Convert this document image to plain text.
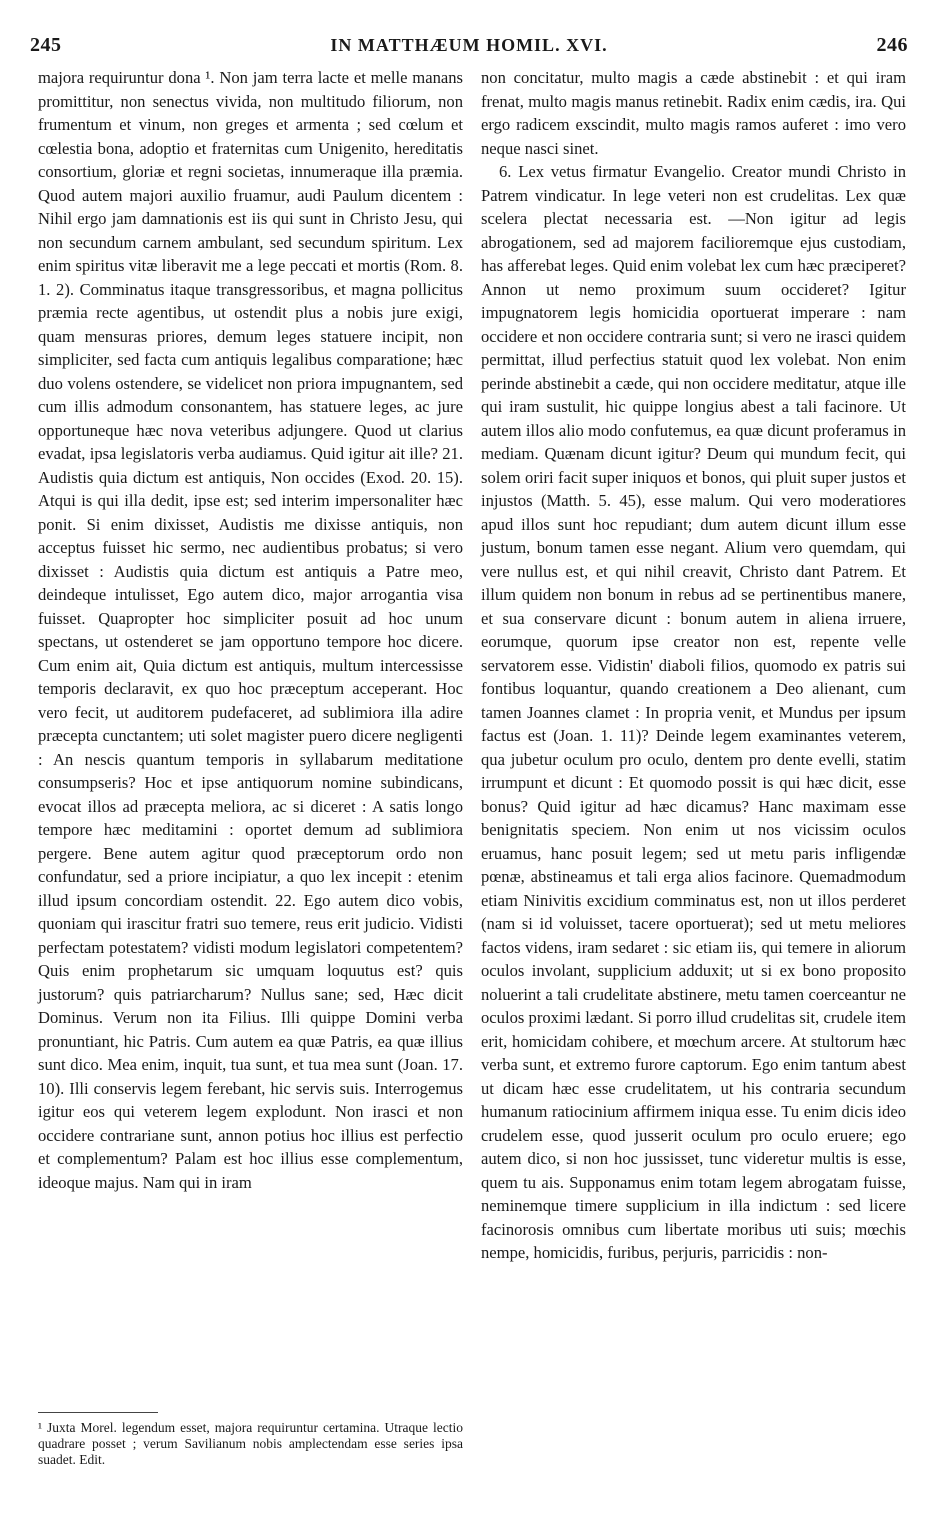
245	IN MATTHÆUM HOMIL. XVI.	246

majora requiruntur dona ¹. Non jam terra lacte et melle manans promittitur, non senectus vivida, non multitudo filiorum, non frumentum et vinum, non greges et armenta ; sed cœlum et cœlestia bona, adoptio et fraternitas cum Unigenito, hereditatis consortium, gloriæ et regni societas, innumeraque illa præmia. Quod autem majori auxilio fruamur, audi Paulum dicentem : Nihil ergo jam damnationis est iis qui sunt in Christo Jesu, qui non secundum carnem ambulant, sed secundum spiritum. Lex enim spiritus vitæ liberavit me a lege peccati et mortis (Rom. 8. 1. 2). Comminatus itaque transgressoribus, et magna pollicitus præmia recte agentibus, ut ostendit plus a nobis jure exigi, quam mensuras priores, demum leges statuere incipit, non simpliciter, sed facta cum antiquis legalibus comparatione; hæc duo volens ostendere, se videlicet non priora impugnantem, sed cum illis admodum consonantem, has statuere leges, ac jure opportuneque hæc nova veteribus adjungere. Quod ut clarius evadat, ipsa legislatoris verba audiamus. Quid igitur ait ille? 21. Audistis quia dictum est antiquis, Non occides (Exod. 20. 15). Atqui is qui illa dedit, ipse est; sed interim impersonaliter hæc ponit. Si enim dixisset, Audistis me dixisse antiquis, non acceptus fuisset hic sermo, nec audientibus probatus; si vero dixisset : Audistis quia dictum est antiquis a Patre meo, deindeque intulisset, Ego autem dico, major arrogantia visa fuisset. Quapropter hoc simpliciter posuit ad hoc unum spectans, ut ostenderet se jam opportuno tempore hoc dicere. Cum enim ait, Quia dictum est antiquis, multum intercessisse temporis declaravit, ex quo hoc præceptum acceperant. Hoc vero fecit, ut auditorem pudefaceret, ad sublimiora illa adire præcepta cunctantem; uti solet magister puero dicere negligenti : An nescis quantum temporis in syllabarum meditatione consumpseris? Hoc et ipse antiquorum nomine subindicans, evocat illos ad præcepta meliora, ac si diceret : A satis longo tempore hæc meditamini : oportet demum ad sublimiora pergere. Bene autem agitur quod præceptorum ordo non confundatur, sed a priore incipiatur, a quo lex incepit : etenim illud ipsum concordiam ostendit. 22. Ego autem dico vobis, quoniam qui irascitur fratri suo temere, reus erit judicio. Vidisti perfectam potestatem? vidisti modum legislatori competentem? Quis enim prophetarum sic umquam loquutus est? quis justorum? quis patriarcharum? Nullus sane; sed, Hæc dicit Dominus. Verum non ita Filius. Illi quippe Domini verba pronuntiant, hic Patris. Cum autem ea quæ Patris, ea quæ illius sunt dico. Mea enim, inquit, tua sunt, et tua mea sunt (Joan. 17. 10). Illi conservis legem ferebant, hic servis suis. Interrogemus igitur eos qui veterem legem explodunt. Non irasci et non occidere contrariane sunt, annon potius hoc illius est perfectio et complementum? Palam est hoc illius esse complementum, ideoque majus. Nam qui in iram

non concitatur, multo magis a cæde abstinebit : et qui iram frenat, multo magis manus retinebit. Radix enim cædis, ira. Qui ergo radicem exscindit, multo magis ramos auferet : imo vero neque nasci sinet.

6. Lex vetus firmatur Evangelio. Creator mundi Christo in Patrem vindicatur. In lege veteri non est crudelitas. Lex quæ scelera plectat necessaria est. —Non igitur ad legis abrogationem, sed ad majorem facilioremque ejus custodiam, has afferebat leges. Quid enim volebat lex cum hæc præciperet? Annon ut nemo proximum suum occideret? Igitur impugnatorem legis homicidia oportuerat imperare : nam occidere et non occidere contraria sunt; si vero ne irasci quidem permittat, illud perfectius statuit quod lex volebat. Non enim perinde abstinebit a cæde, qui non occidere meditatur, atque ille qui iram sustulit, hic quippe longius abest a tali facinore. Ut autem illos alio modo confutemus, ea quæ dicunt proferamus in mediam. Quænam dicunt igitur? Deum qui mundum fecit, qui solem oriri facit super iniquos et bonos, qui pluit super justos et injustos (Matth. 5. 45), esse malum. Qui vero moderatiores apud illos sunt hoc repudiant; dum autem dicunt illum esse justum, bonum tamen esse negant. Alium vero quemdam, qui vere nullus est, et qui nihil creavit, Christo dant Patrem. Et illum quidem non bonum in rebus ad se pertinentibus manere, et sua conservare dicunt : bonum autem in aliena irruere, eorumque, quorum ipse creator non est, repente velle servatorem esse. Vidistin' diaboli filios, quomodo ex patris sui fontibus loquantur, quando creationem a Deo alienant, cum tamen Joannes clamet : In propria venit, et Mundus per ipsum factus est (Joan. 1. 11)? Deinde legem examinantes veterem, qua jubetur oculum pro oculo, dentem pro dente evelli, statim irrumpunt et dicunt : Et quomodo possit is qui hæc dicit, esse bonus? Quid igitur ad hæc dicamus? Hanc maximam esse benignitatis speciem. Non enim ut nos vicissim oculos eruamus, hanc posuit legem; sed ut metu paris infligendæ pœnæ, abstineamus et tali erga alios facinore. Quemadmodum etiam Ninivitis excidium comminatus est, non ut illos perderet (nam si id voluisset, tacere oportuerat); sed ut metu meliores factos videns, iram sedaret : sic etiam iis, qui temere in aliorum oculos involant, supplicium adduxit; ut si ex bono proposito noluerint a tali crudelitate abstinere, metu tamen coerceantur ne oculos proximi lædant. Si porro illud crudelitas sit, crudele item erit, homicidam cohibere, et mœchum arcere. At stultorum hæc verba sunt, et extremo furore captorum. Ego enim tantum abest ut dicam hæc esse crudelitatem, ut his contraria secundum humanum ratiocinium affirmem iniqua esse. Tu enim dicis ideo crudelem esse, quod jusserit oculum pro oculo eruere; ego autem dico, si non hoc jussisset, tunc videretur multis is esse, quem tu ais. Supponamus enim totam legem abrogatam fuisse, neminemque timere supplicium in illa indictum : sed licere facinorosis omnibus cum libertate moribus uti suis; mœchis nempe, homicidis, furibus, perjuris, parricidis : non-

¹ Juxta Morel. legendum esset, majora requiruntur certamina. Utraque lectio quadrare posset ; verum Savilianum nobis amplectendam esse series ipsa suadet. Edit.
